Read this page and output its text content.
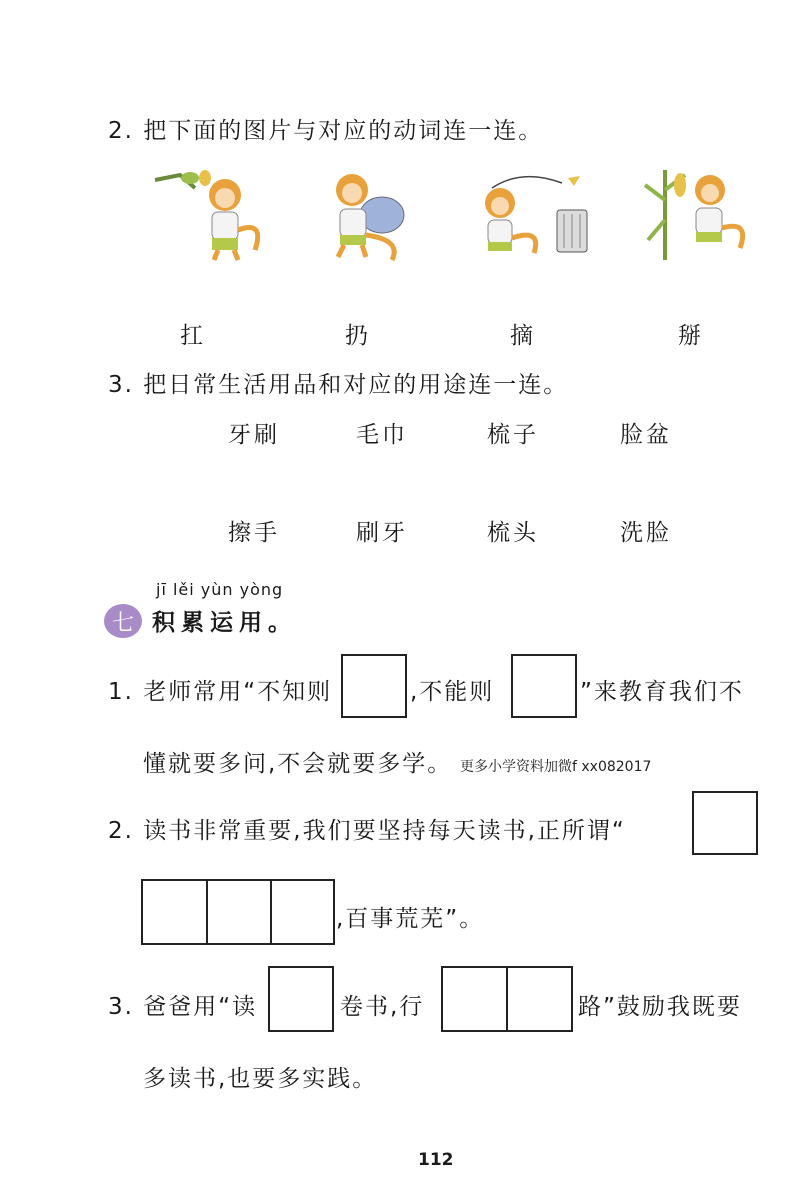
2. 把下面的图片与对应的动词连一连。
扛	扔	摘	掰
3. 把日常生活用品和对应的用途连一连。
牙刷	毛巾	梳子	脸盆
擦手	刷牙	梳头	洗脸
jī lěi yùn yòng
七 积累运用。
1. 老师常用“不知则	,不能则	”来教育我们不
懂就要多问,不会就要多学。 更多小学资料加微f xx082017
2. 读书非常重要,我们要坚持每天读书,正所谓“
,百事荒芜”。
3. 爸爸用“读	卷书,行	路”鼓励我既要
多读书,也要多实践。
112
